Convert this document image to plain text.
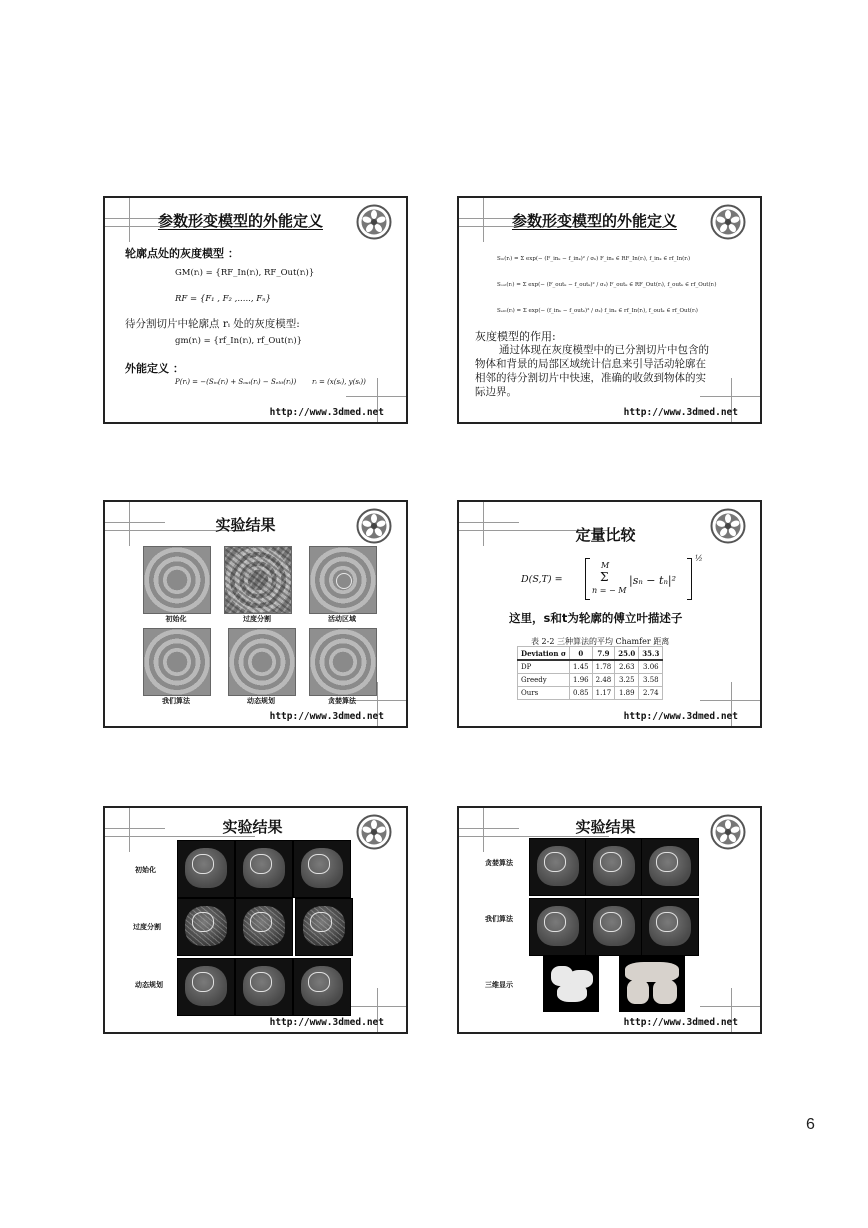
参数形变模型的外能定义
轮廓点处的灰度模型 ：
GM(rᵢ) = {RF_In(rᵢ), RF_Out(rᵢ)}
RF = {F₁ , F₂ ,....., Fₙ}
待分割切片中轮廓点 rᵢ 处的灰度模型:
gm(rᵢ) = {rf_In(rᵢ), rf_Out(rᵢ)}
外能定义 ：
P(rᵢ) = −(Sᵢₙ(rᵢ) + Sₒᵤₜ(rᵢ) − Sₑₗᵢₜ(rᵢ)) rᵢ = (x(sᵢ), y(sᵢ))
http://www.3dmed.net
参数形变模型的外能定义
Sᵢₙ(rᵢ) = Σ exp(− (F_inₖ − f_inₖ)² / σₖ) F_inₖ ∈ RF_In(rᵢ), f_inₖ ∈ rf_In(rᵢ)
Sₒᵤₜ(rᵢ) = Σ exp(− (F_outₖ − f_outₖ)² / σₖ) F_outₖ ∈ RF_Out(rᵢ), f_outₖ ∈ rf_Out(rᵢ)
Sₑₗᵢₜ(rᵢ) = Σ exp(− (f_inₖ − f_outₖ)² / σₖ) f_inₖ ∈ rf_In(rᵢ), f_outₖ ∈ rf_Out(rᵢ)
灰度模型的作用:
通过体现在灰度模型中的已分割切片中包含的
物体和背景的局部区域统计信息来引导活动轮廓在
相邻的待分割切片中快速，准确的收敛到物体的实
际边界。
http://www.3dmed.net
实验结果
初始化	过度分割	活动区域
我们算法	动态规划	贪婪算法
http://www.3dmed.net
定量比较
D(S,T) =
M
Σ
n = − M
|sₙ − tₙ|²
½
这里，s和t为轮廓的傅立叶描述子
表 2-2 三种算法的平均 Chamfer 距离
Deviation σ	0	7.9	25.0	35.3
DP	1.45	1.78	2.63	3.06
Greedy	1.96	2.48	3.25	3.58
Ours	0.85	1.17	1.89	2.74
http://www.3dmed.net
实验结果
初始化
过度分割
动态规划
http://www.3dmed.net
实验结果
贪婪算法
我们算法
三维显示
http://www.3dmed.net
6
